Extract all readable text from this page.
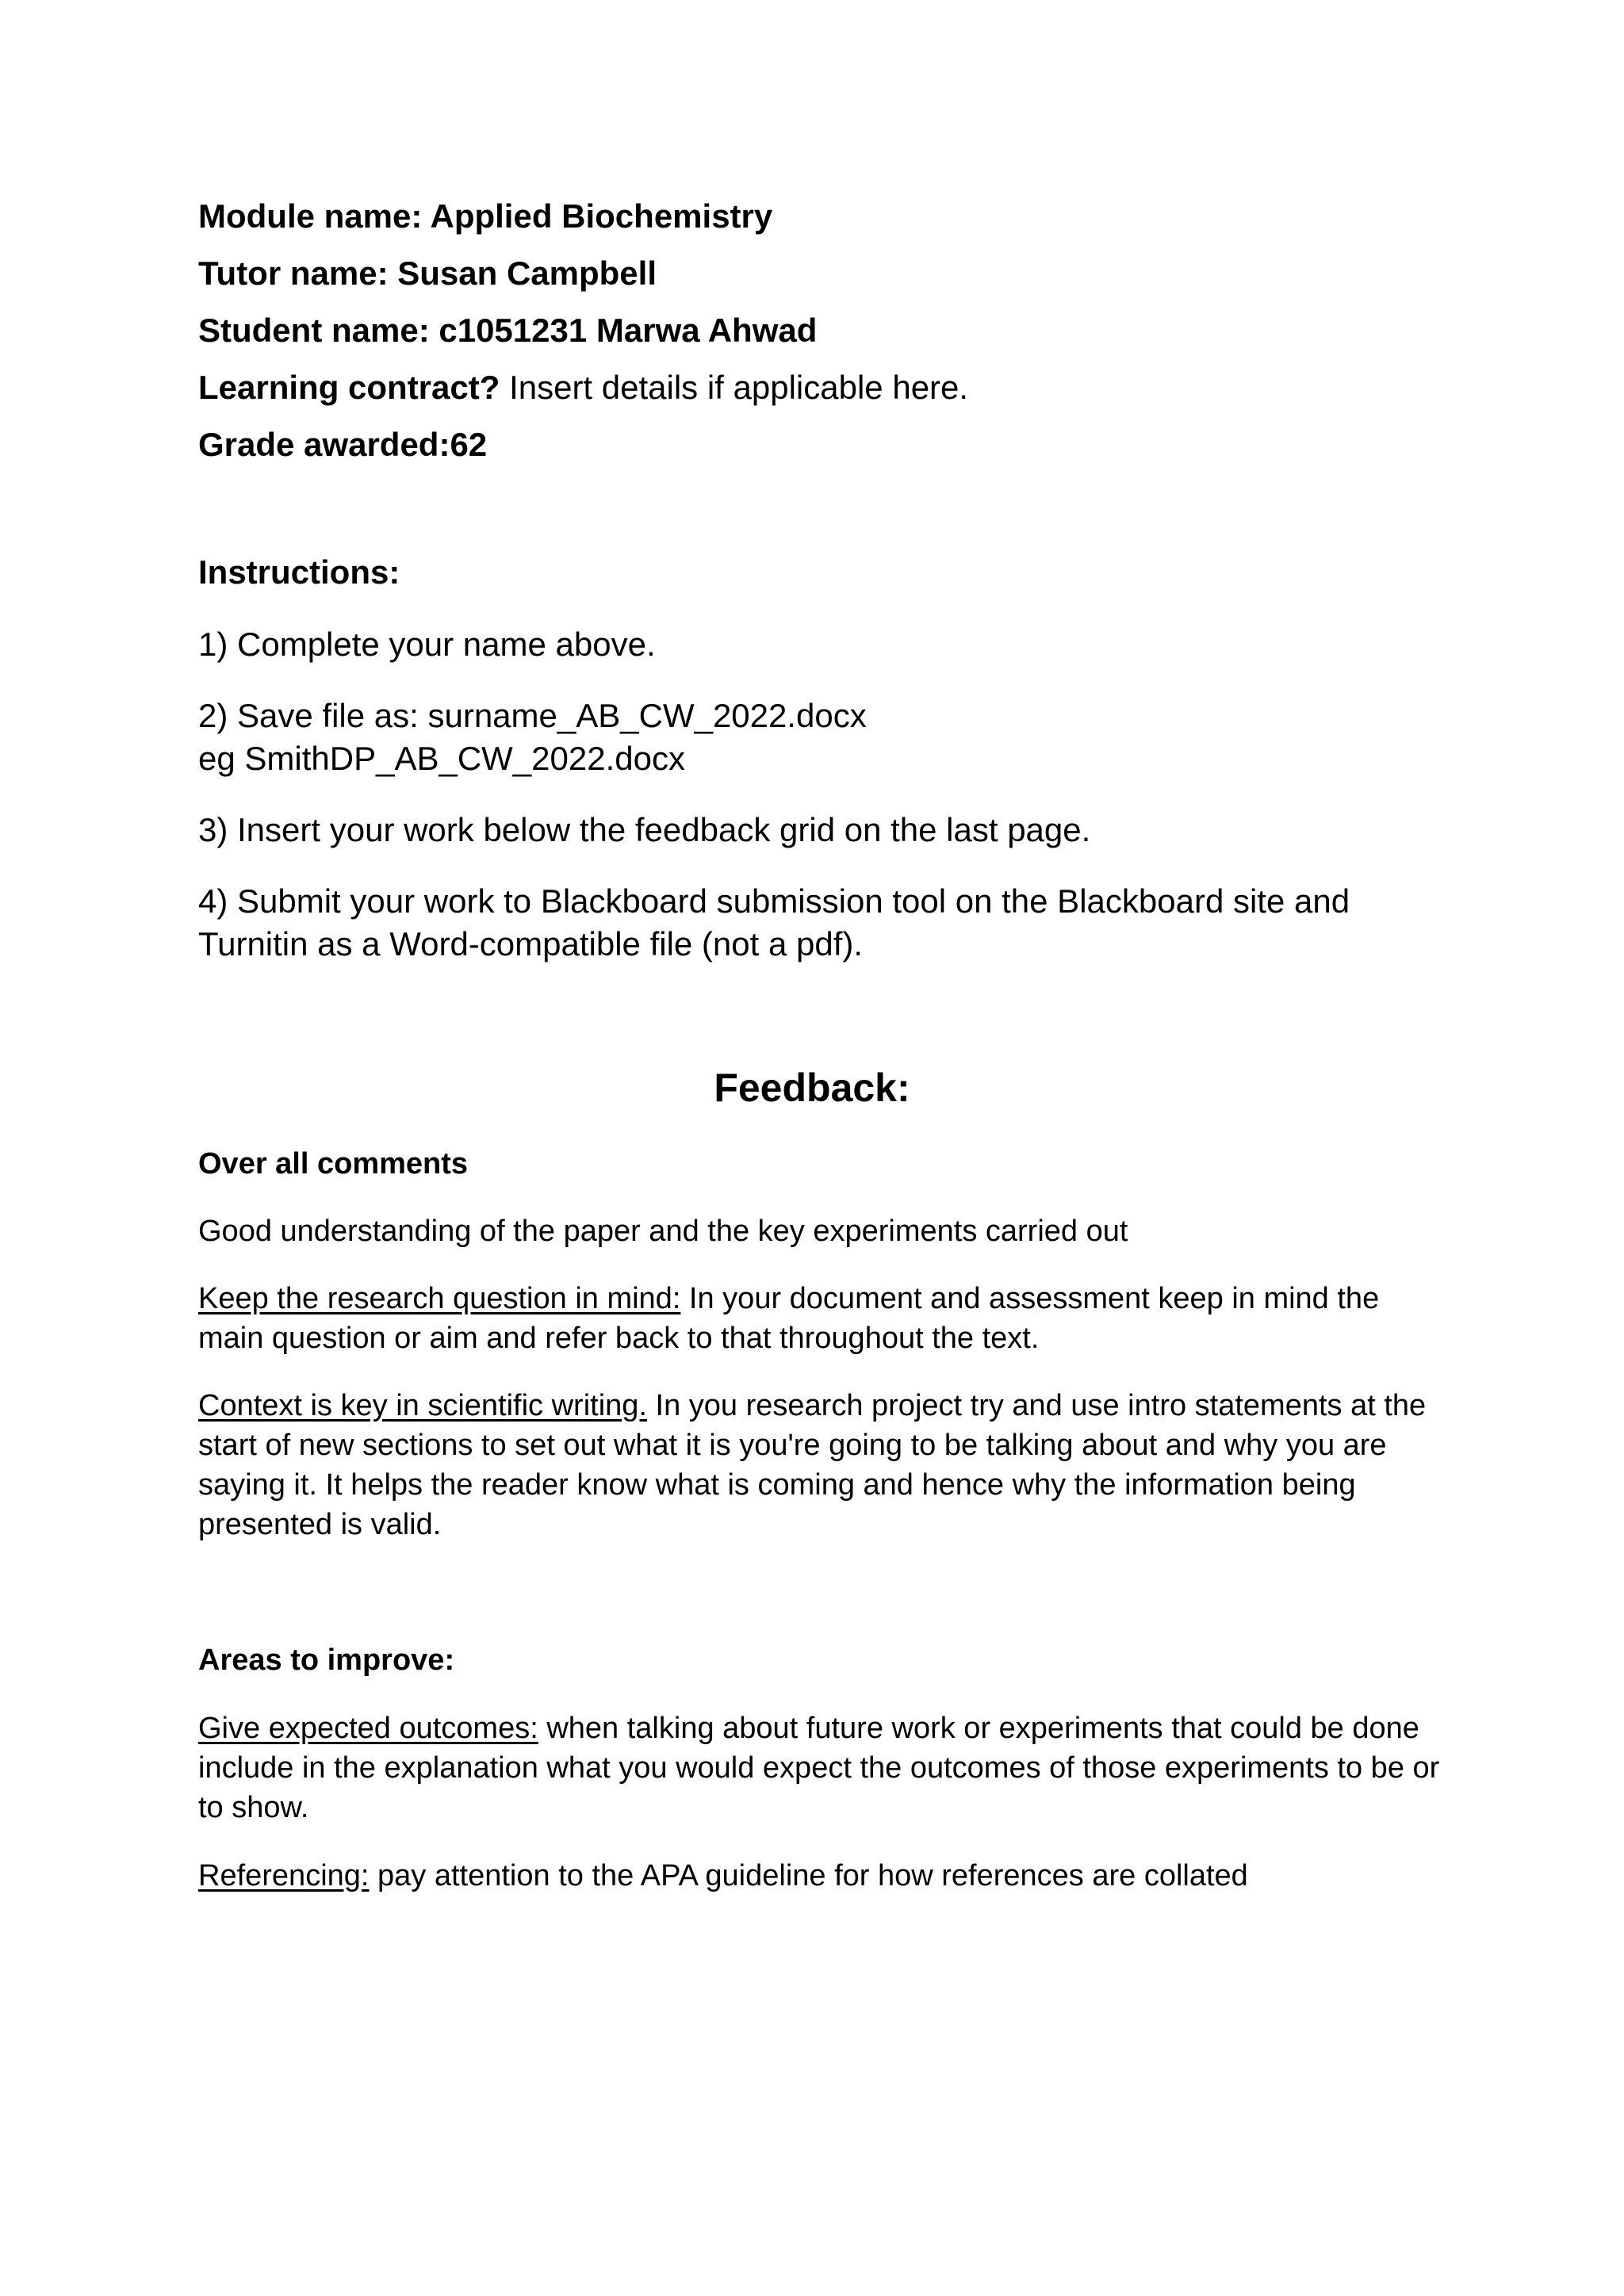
Module name: Applied Biochemistry

Tutor name: Susan Campbell

Student name: c1051231 Marwa Ahwad

Learning contract? Insert details if applicable here.

Grade awarded:62

Instructions:

1) Complete your name above.

2) Save file as: surname_AB_CW_2022.docx
eg SmithDP_AB_CW_2022.docx

3) Insert your work below the feedback grid on the last page.

4) Submit your work to Blackboard submission tool on the Blackboard site and
Turnitin as a Word-compatible file (not a pdf).

Feedback:

Over all comments

Good understanding of the paper and the key experiments carried out

Keep the research question in mind: In your document and assessment keep in mind the main question or aim and refer back to that throughout the text.

Context is key in scientific writing. In you research project try and use intro statements at the start of new sections to set out what it is you're going to be talking about and why you are saying it. It helps the reader know what is coming and hence why the information being presented is valid.

Areas to improve:

Give expected outcomes: when talking about future work or experiments that could be done include in the explanation what you would expect the outcomes of those experiments to be or to show.

Referencing: pay attention to the APA guideline for how references are collated
